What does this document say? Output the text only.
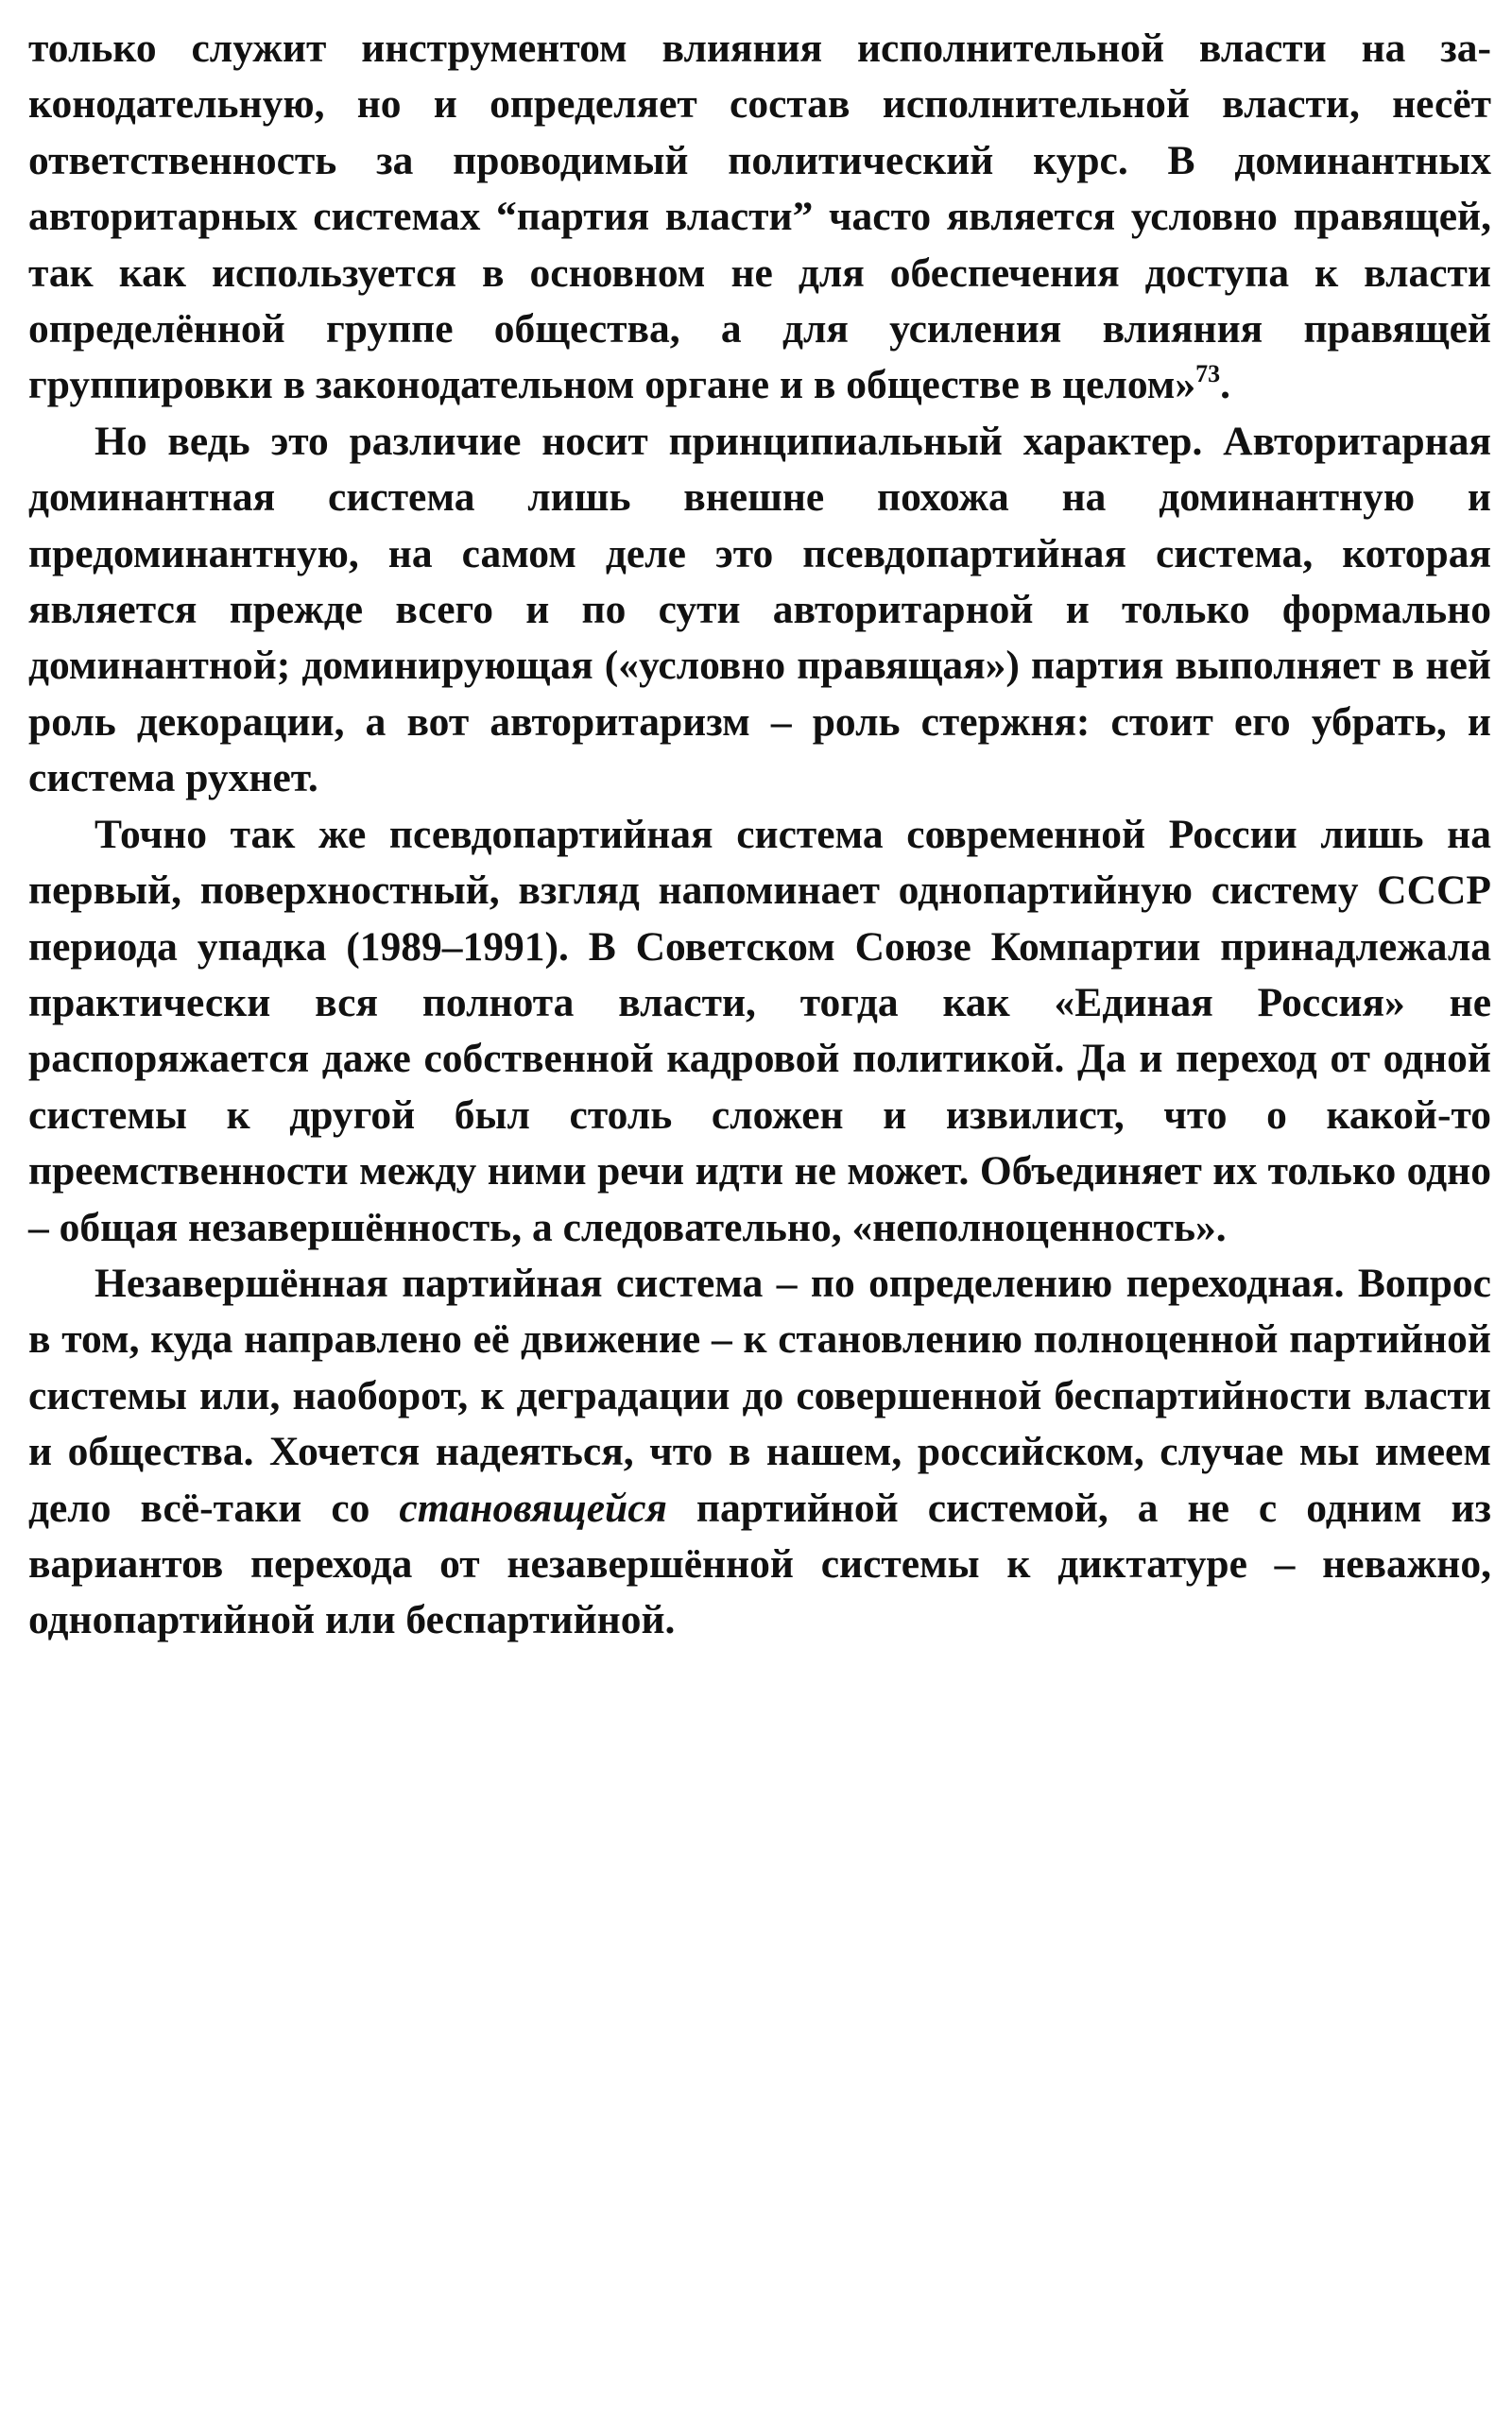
только служит инструментом влияния исполнительной власти на законодательную, но и определяет состав исполнительной власти, несёт ответственность за проводимый политический курс. В доминантных авторитарных системах “партия власти” часто является условно правящей, так как используется в основном не для обеспечения доступа к власти определённой группе общества, а для усиления влияния правящей группировки в законодательном органе и в обществе в целом»$^{73}$.

Но ведь это различие носит принципиальный характер. Авторитарная доминантная система лишь внешне похожа на доминантную и предоминантную, на самом деле это псевдопартийная система, которая является прежде всего и по сути авторитарной и только формально доминантной; доминирующая («условно правящая») партия выполняет в ней роль декорации, а вот авторитаризм – роль стержня: стоит его убрать, и система рухнет.

Точно так же псевдопартийная система современной России лишь на первый, поверхностный, взгляд напоминает однопартийную систему СССР периода упадка (1989–1991). В Советском Союзе Компартии принадлежала практически вся полнота власти, тогда как «Единая Россия» не распоряжается даже собственной кадровой политикой. Да и переход от одной системы к другой был столь сложен и извилист, что о какой-то преемственности между ними речи идти не может. Объединяет их только одно – общая незавершённость, а следовательно, «неполноценность».

Незавершённая партийная система – по определению переходная. Вопрос в том, куда направлено её движение – к становлению полноценной партийной системы или, наоборот, к деградации до совершенной беспартийности власти и общества. Хочется надеяться, что в нашем, российском, случае мы имеем дело всё-таки со становящейся партийной системой, а не с одним из вариантов перехода от незавершённой системы к диктатуре – неважно, однопартийной или беспартийной.
